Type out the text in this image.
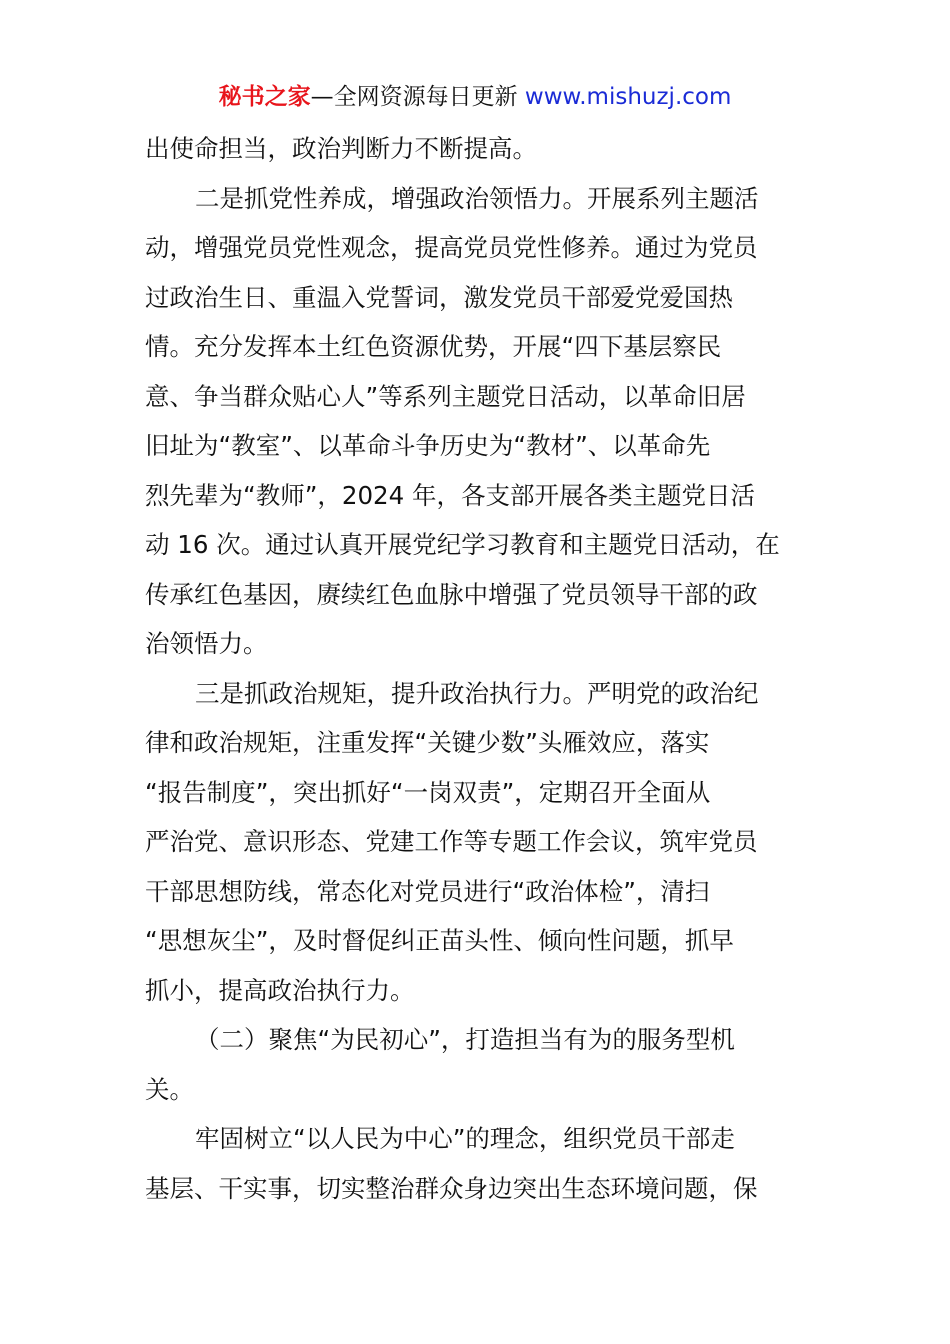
秘书之家—全网资源每日更新 www.mishuzj.com
出使命担当，政治判断力不断提高。
二是抓党性养成，增强政治领悟力。开展系列主题活
动，增强党员党性观念，提高党员党性修养。通过为党员
过政治生日、重温入党誓词，激发党员干部爱党爱国热
情。充分发挥本土红色资源优势，开展“四下基层察民
意、争当群众贴心人”等系列主题党日活动，以革命旧居
旧址为“教室”、以革命斗争历史为“教材”、以革命先
烈先辈为“教师”，2024 年，各支部开展各类主题党日活
动 16 次。通过认真开展党纪学习教育和主题党日活动，在
传承红色基因，赓续红色血脉中增强了党员领导干部的政
治领悟力。
三是抓政治规矩，提升政治执行力。严明党的政治纪
律和政治规矩，注重发挥“关键少数”头雁效应，落实
“报告制度”，突出抓好“一岗双责”，定期召开全面从
严治党、意识形态、党建工作等专题工作会议，筑牢党员
干部思想防线，常态化对党员进行“政治体检”，清扫
“思想灰尘”，及时督促纠正苗头性、倾向性问题，抓早
抓小，提高政治执行力。
（二）聚焦“为民初心”，打造担当有为的服务型机
关。
牢固树立“以人民为中心”的理念，组织党员干部走
基层、干实事，切实整治群众身边突出生态环境问题，保
